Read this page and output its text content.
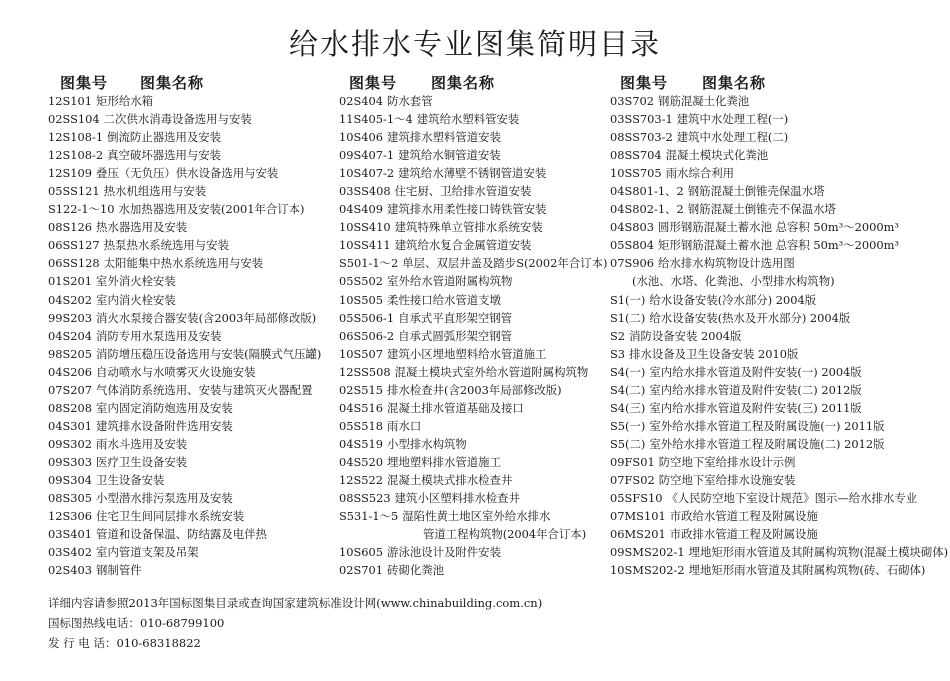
给水排水专业图集简明目录
图集号 图集名称
12S101 矩形给水箱
02SS104 二次供水消毒设备选用与安装
12S108-1 倒流防止器选用及安装
12S108-2 真空破坏器选用与安装
12S109 叠压（无负压）供水设备选用与安装
05SS121 热水机组选用与安装
S122-1～10 水加热器选用及安装(2001年合订本)
08S126 热水器选用及安装
06SS127 热泵热水系统选用与安装
06SS128 太阳能集中热水系统选用与安装
01S201 室外消火栓安装
04S202 室内消火栓安装
99S203 消火水泵接合器安装(含2003年局部修改版)
04S204 消防专用水泵选用及安装
98S205 消防增压稳压设备选用与安装(隔膜式气压罐)
04S206 自动喷水与水喷雾灭火设施安装
07S207 气体消防系统选用、安装与建筑灭火器配置
08S208 室内固定消防炮选用及安装
04S301 建筑排水设备附件选用安装
09S302 雨水斗选用及安装
09S303 医疗卫生设备安装
09S304 卫生设备安装
08S305 小型潜水排污泵选用及安装
12S306 住宅卫生间同层排水系统安装
03S401 管道和设备保温、防结露及电伴热
03S402 室内管道支架及吊架
02S403 钢制管件
图集号 图集名称
02S404 防水套管
11S405-1～4 建筑给水塑料管安装
10S406 建筑排水塑料管道安装
09S407-1 建筑给水铜管道安装
10S407-2 建筑给水薄壁不锈钢管道安装
03SS408 住宅厨、卫给排水管道安装
04S409 建筑排水用柔性接口铸铁管安装
10SS410 建筑特殊单立管排水系统安装
10SS411 建筑给水复合金属管道安装
S501-1～2 单层、双层井盖及踏步S(2002年合订本)
05S502 室外给水管道附属构筑物
10S505 柔性接口给水管道支墩
05S506-1 自承式平直形架空钢管
06S506-2 自承式圆弧形架空钢管
10S507 建筑小区埋地塑料给水管道施工
12SS508 混凝土模块式室外给水管道附属构筑物
02S515 排水检查井(含2003年局部修改版)
04S516 混凝土排水管道基础及接口
05S518 雨水口
04S519 小型排水构筑物
04S520 埋地塑料排水管道施工
12S522 混凝土模块式排水检查井
08SS523 建筑小区塑料排水检查井
S531-1～5 湿陷性黄土地区室外给水排水
管道工程构筑物(2004年合订本)
10S605 游泳池设计及附件安装
02S701 砖砌化粪池
图集号 图集名称
03S702 钢筋混凝土化粪池
03SS703-1 建筑中水处理工程(一)
08SS703-2 建筑中水处理工程(二)
08SS704 混凝土模块式化粪池
10SS705 雨水综合利用
04S801-1、2 钢筋混凝土倒锥壳保温水塔
04S802-1、2 钢筋混凝土倒锥壳不保温水塔
04S803 圆形钢筋混凝土蓄水池 总容积 50m³～2000m³
05S804 矩形钢筋混凝土蓄水池 总容积 50m³～2000m³
07S906 给水排水构筑物设计选用图
(水池、水塔、化粪池、小型排水构筑物)
S1(一) 给水设备安装(冷水部分) 2004版
S1(二) 给水设备安装(热水及开水部分) 2004版
S2 消防设备安装 2004版
S3 排水设备及卫生设备安装 2010版
S4(一) 室内给水排水管道及附件安装(一) 2004版
S4(二) 室内给水排水管道及附件安装(二) 2012版
S4(三) 室内给水排水管道及附件安装(三) 2011版
S5(一) 室外给水排水管道工程及附属设施(一) 2011版
S5(二) 室外给水排水管道工程及附属设施(二) 2012版
09FS01 防空地下室给排水设计示例
07FS02 防空地下室给排水设施安装
05SFS10 《人民防空地下室设计规范》图示—给水排水专业
07MS101 市政给水管道工程及附属设施
06MS201 市政排水管道工程及附属设施
09SMS202-1 埋地矩形雨水管道及其附属构筑物(混凝土模块砌体)
10SMS202-2 埋地矩形雨水管道及其附属构筑物(砖、石砌体)
详细内容请参照2013年国标图集目录或查询国家建筑标准设计网(www.chinabuilding.com.cn)
国标图热线电话：010-68799100
发 行 电 话：010-68318822
